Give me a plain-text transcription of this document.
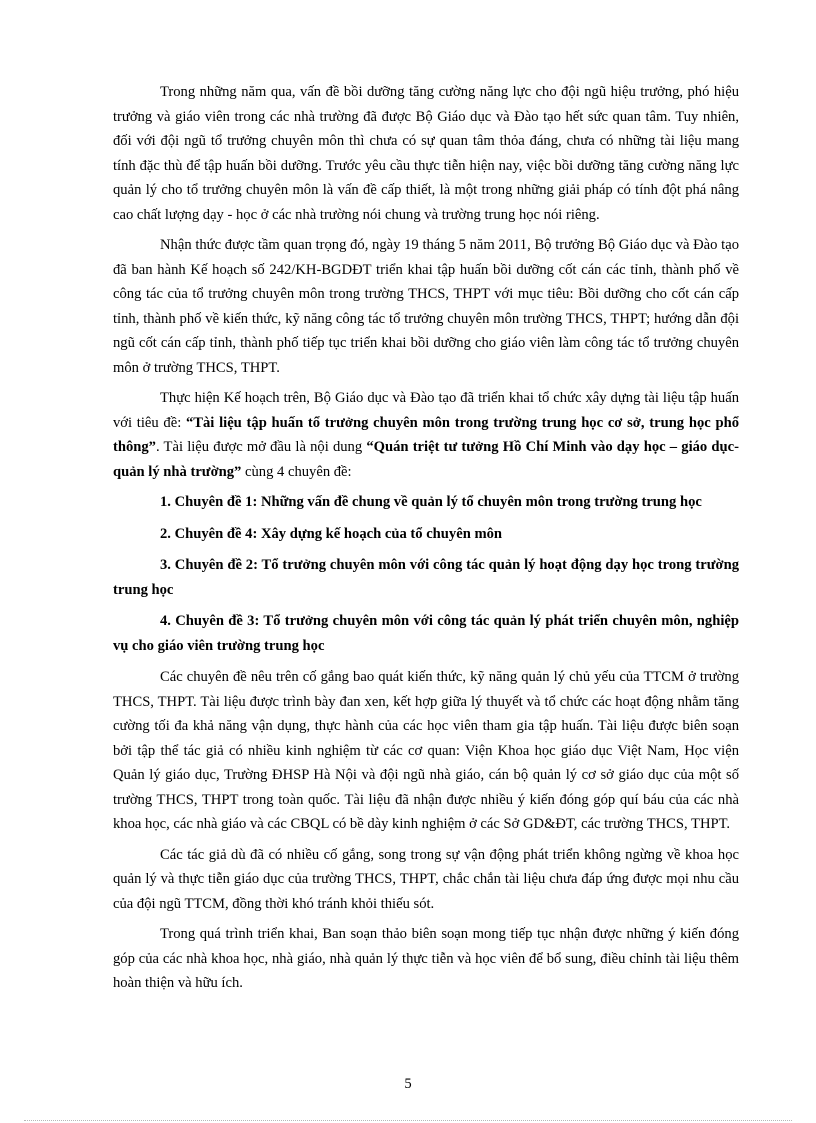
Trong những năm qua, vấn đề bồi dưỡng tăng cường năng lực cho đội ngũ hiệu trưởng, phó hiệu trưởng và giáo viên trong các nhà trường đã được Bộ Giáo dục và Đào tạo hết sức quan tâm. Tuy nhiên, đối với đội ngũ tổ trưởng chuyên môn thì chưa có sự quan tâm thỏa đáng, chưa có những tài liệu mang tính đặc thù để tập huấn bồi dưỡng. Trước yêu cầu thực tiễn hiện nay, việc bồi dưỡng tăng cường năng lực quản lý cho tổ trưởng chuyên môn là vấn đề cấp thiết, là một trong những giải pháp có tính đột phá nâng cao chất lượng dạy - học ở các nhà trường nói chung và trường trung học nói riêng.

Nhận thức được tầm quan trọng đó, ngày 19 tháng 5 năm 2011, Bộ trưởng Bộ Giáo dục và Đào tạo đã ban hành Kế hoạch số 242/KH-BGDĐT triển khai tập huấn bồi dưỡng cốt cán các tỉnh, thành phố về công tác của tổ trưởng chuyên môn trong trường THCS, THPT với mục tiêu: Bồi dưỡng cho cốt cán cấp tỉnh, thành phố về kiến thức, kỹ năng công tác tổ trưởng chuyên môn trường THCS, THPT; hướng dẫn đội ngũ cốt cán cấp tỉnh, thành phố tiếp tục triển khai bồi dưỡng cho giáo viên làm công tác tổ trưởng chuyên môn ở trường THCS, THPT.

Thực hiện Kế hoạch trên, Bộ Giáo dục và Đào tạo đã triển khai tổ chức xây dựng tài liệu tập huấn với tiêu đề: “Tài liệu tập huấn tổ trưởng chuyên môn trong trường trung học cơ sở, trung học phổ thông”. Tài liệu được mở đầu là nội dung “Quán triệt tư tưởng Hồ Chí Minh vào dạy học – giáo dục- quản lý nhà trường” cùng 4 chuyên đề:

1. Chuyên đề 1: Những vấn đề chung về quản lý tổ chuyên môn trong trường trung học

2. Chuyên đề 4: Xây dựng kế hoạch của tổ chuyên môn

3. Chuyên đề 2: Tổ trưởng chuyên môn với công tác quản lý hoạt động dạy học trong trường trung học

4. Chuyên đề 3: Tổ trưởng chuyên môn với công tác quản lý phát triển chuyên môn, nghiệp vụ cho giáo viên trường trung học

Các chuyên đề nêu trên cố gắng bao quát kiến thức, kỹ năng quản lý chủ yếu của TTCM ở trường THCS, THPT. Tài liệu được trình bày đan xen, kết hợp giữa lý thuyết và tổ chức các hoạt động nhằm tăng cường tối đa khả năng vận dụng, thực hành của các học viên tham gia tập huấn. Tài liệu được biên soạn bởi tập thể tác giả có nhiều kinh nghiệm từ các cơ quan: Viện Khoa học giáo dục Việt Nam, Học viện Quản lý giáo dục, Trường ĐHSP Hà Nội và đội ngũ nhà giáo, cán bộ quản lý cơ sở giáo dục của một số trường THCS, THPT trong toàn quốc. Tài liệu đã nhận được nhiều ý kiến đóng góp quí báu của các nhà khoa học, các nhà giáo và các CBQL có bề dày kinh nghiệm ở các Sở GD&ĐT, các trường THCS, THPT.

Các tác giả dù đã có nhiều cố gắng, song trong sự vận động phát triển không ngừng về khoa học quản lý và thực tiễn giáo dục của trường THCS, THPT, chắc chắn tài liệu chưa đáp ứng được mọi nhu cầu của đội ngũ TTCM, đồng thời khó tránh khỏi thiếu sót.

Trong quá trình triển khai, Ban soạn thảo biên soạn mong tiếp tục nhận được những ý kiến đóng góp của các nhà khoa học, nhà giáo, nhà quản lý thực tiễn và học viên để bổ sung, điều chỉnh tài liệu thêm hoàn thiện và hữu ích.

5
